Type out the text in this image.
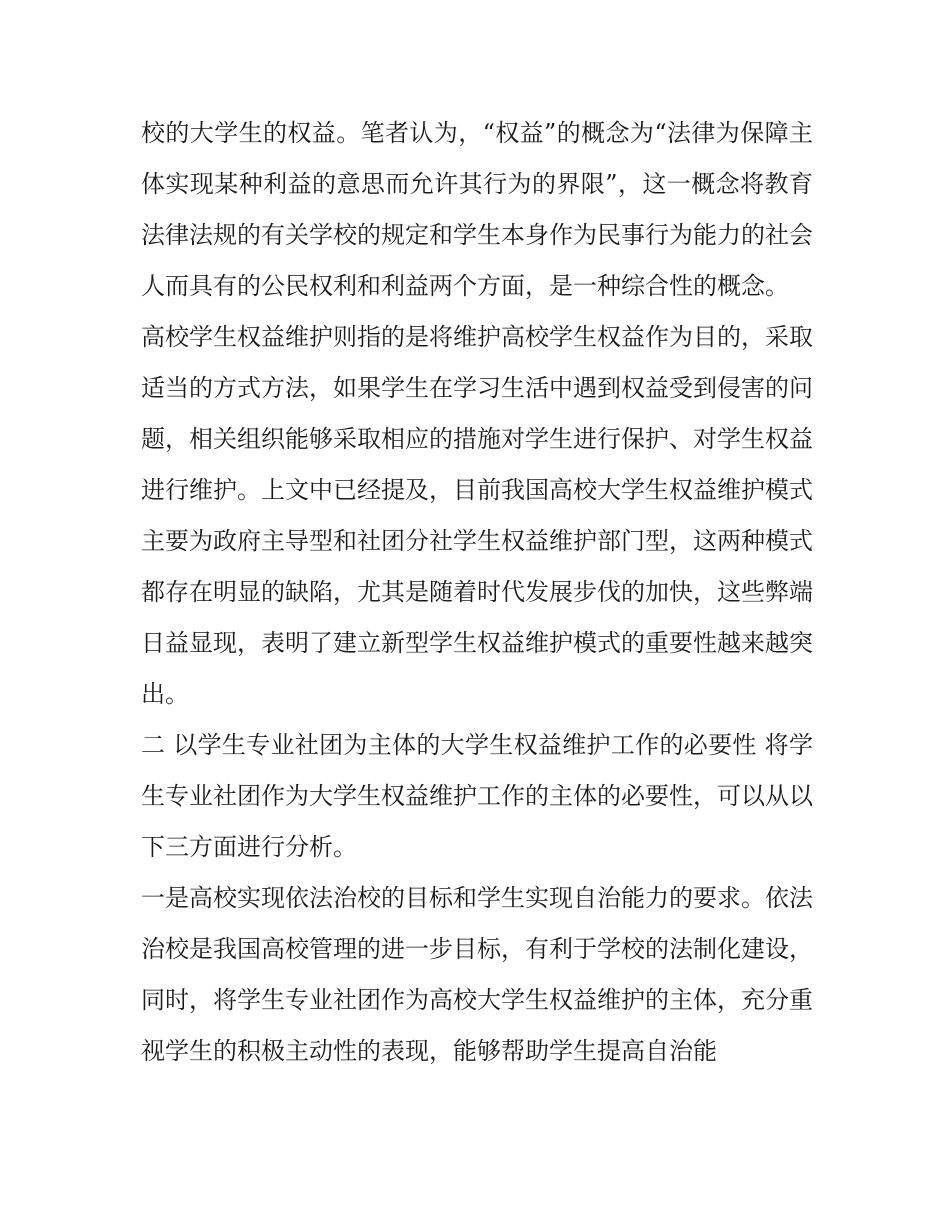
校的大学生的权益。笔者认为，“权益”的概念为“法律为保障主体实现某种利益的意思而允许其行为的界限”，这一概念将教育法律法规的有关学校的规定和学生本身作为民事行为能力的社会人而具有的公民权利和利益两个方面，是一种综合性的概念。

高校学生权益维护则指的是将维护高校学生权益作为目的，采取适当的方式方法，如果学生在学习生活中遇到权益受到侵害的问题，相关组织能够采取相应的措施对学生进行保护、对学生权益进行维护。上文中已经提及，目前我国高校大学生权益维护模式主要为政府主导型和社团分社学生权益维护部门型，这两种模式都存在明显的缺陷，尤其是随着时代发展步伐的加快，这些弊端日益显现，表明了建立新型学生权益维护模式的重要性越来越突出。

二 以学生专业社团为主体的大学生权益维护工作的必要性 将学生专业社团作为大学生权益维护工作的主体的必要性，可以从以下三方面进行分析。

一是高校实现依法治校的目标和学生实现自治能力的要求。依法治校是我国高校管理的进一步目标，有利于学校的法制化建设，同时，将学生专业社团作为高校大学生权益维护的主体，充分重视学生的积极主动性的表现，能够帮助学生提高自治能
